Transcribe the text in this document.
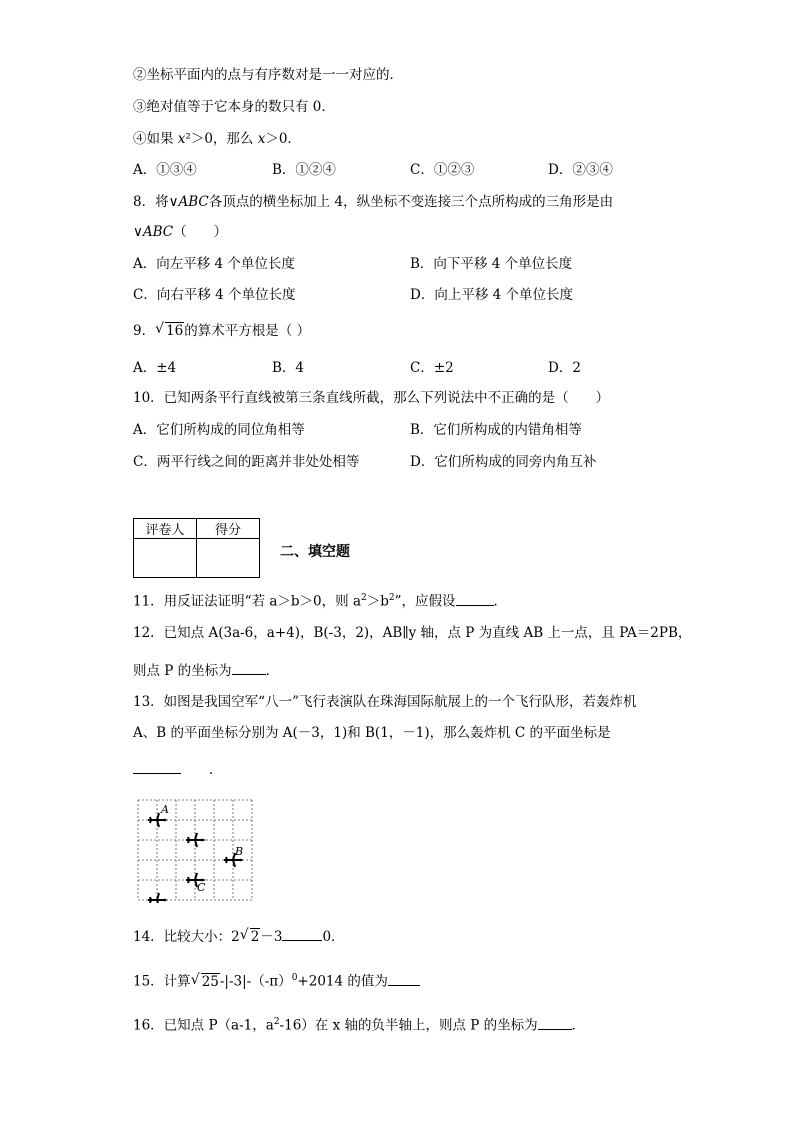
②坐标平面内的点与有序数对是一一对应的．
③绝对值等于它本身的数只有 0．
④如果 x²＞0，那么 x＞0．
A．①③④	B．①②④	C．①②③	D．②③④
8．将∨ABC各顶点的横坐标加上 4，纵坐标不变连接三个点所构成的三角形是由
∨ABC（　　）
A．向左平移 4 个单位长度	B．向下平移 4 个单位长度
C．向右平移 4 个单位长度	D．向上平移 4 个单位长度
9． √ 16的算术平方根是（ ）
A．±4	B．4	C．±2	D．2
10．已知两条平行直线被第三条直线所截，那么下列说法中不正确的是（　　）
A．它们所构成的同位角相等	B．它们所构成的内错角相等
C．两平行线之间的距离并非处处相等	D．它们所构成的同旁内角互补
评卷人	得分

二、填空题
11．用反证法证明“若 a＞b＞0，则 $a^2>b^2$”，应假设	．
12．已知点 A(3a-6，a+4)，B(-3，2)，AB∥y 轴，点 P 为直线 AB 上一点，且 PA＝2PB，
则点 P 的坐标为	．
13．如图是我国空军“八一”飞行表演队在珠海国际航展上的一个飞行队形，若轰炸机
A、B 的平面坐标分别为 A(－3，1)和 B(1，－1)，那么轰炸机 C 的平面坐标是
．
A
B
C
14．比较大小：2 √ 2－3	0．
15．计算 √ $25-|-3|-(-\pi)^0+2014$ 的值为
16．已知点 P（a-1，$a^2-16$）在 x 轴的负半轴上，则点 P 的坐标为	．
